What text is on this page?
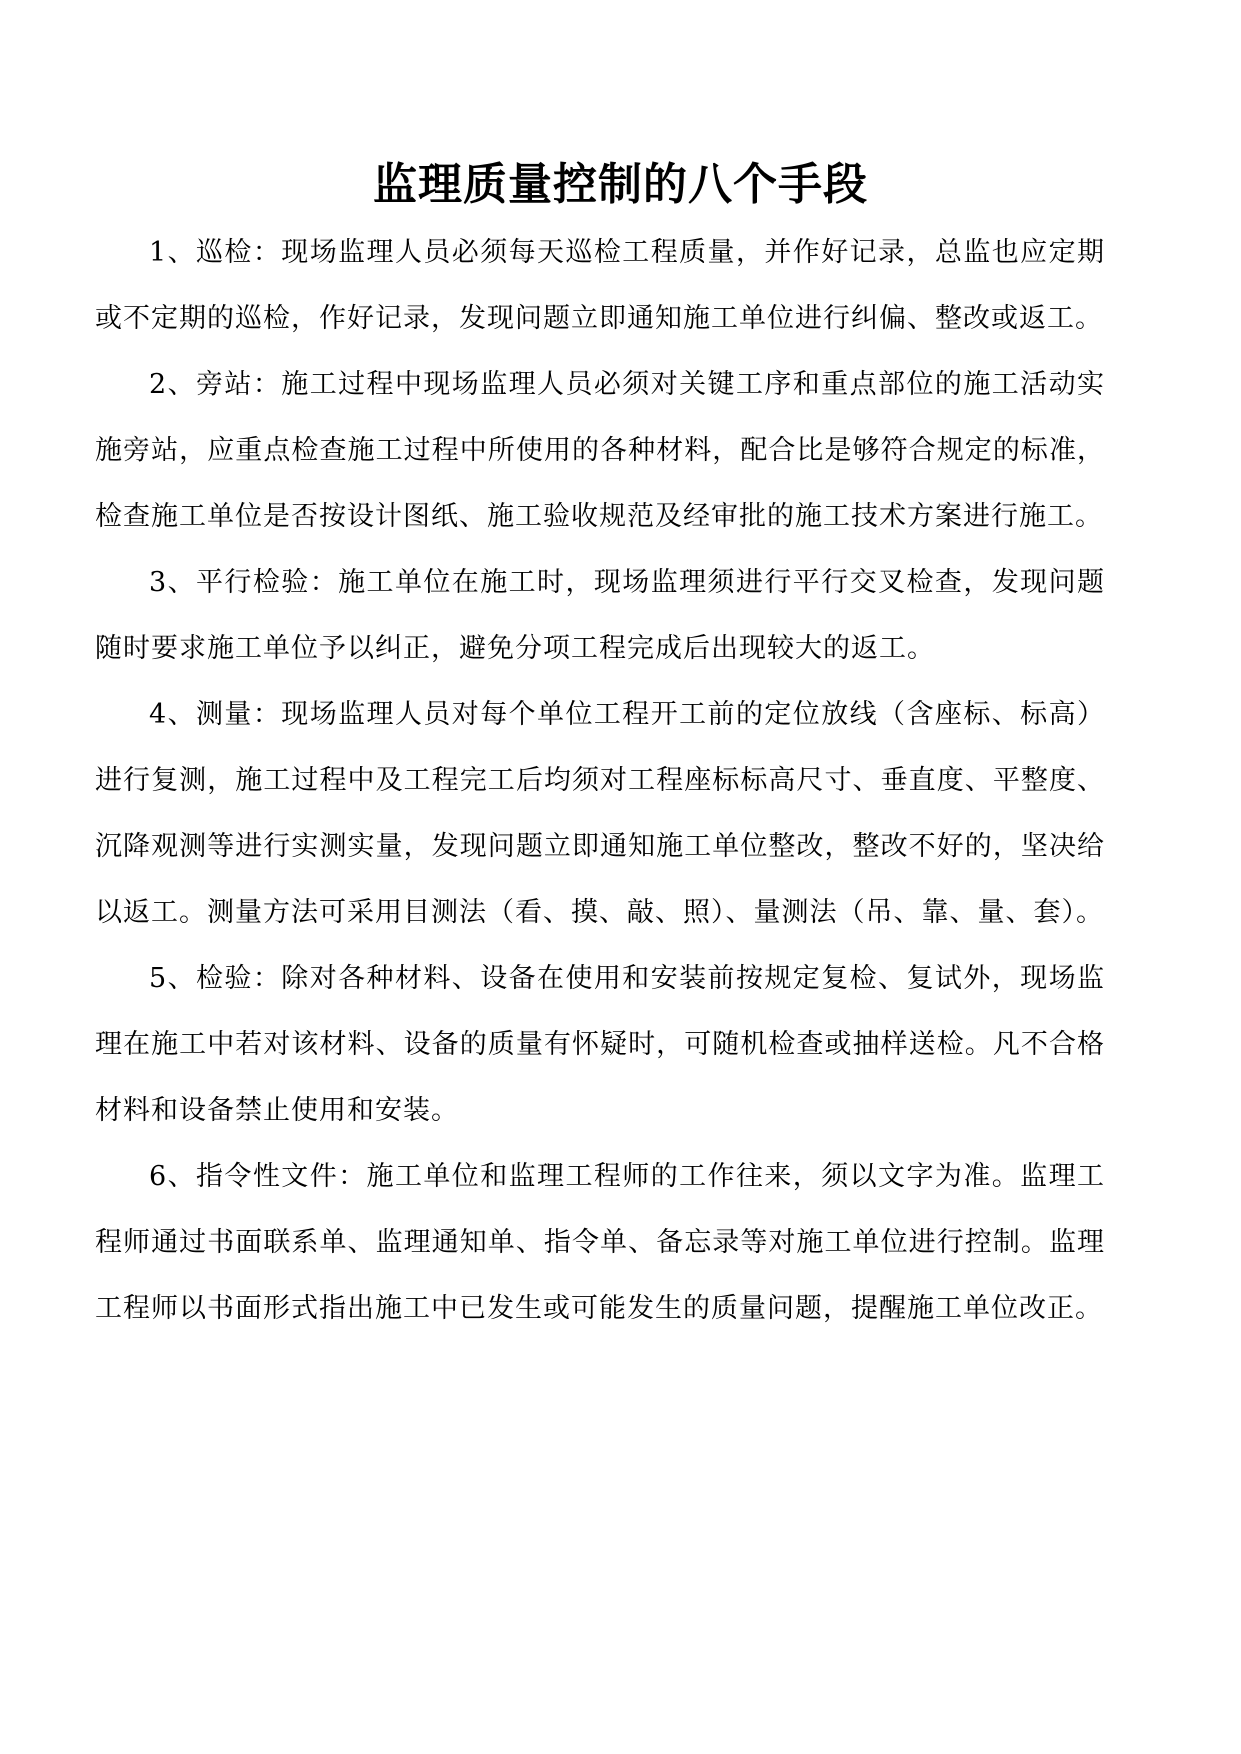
监理质量控制的八个手段

1、巡检：现场监理人员必须每天巡检工程质量，并作好记录，总监也应定期或不定期的巡检，作好记录，发现问题立即通知施工单位进行纠偏、整改或返工。

2、旁站：施工过程中现场监理人员必须对关键工序和重点部位的施工活动实施旁站，应重点检查施工过程中所使用的各种材料，配合比是够符合规定的标准，检查施工单位是否按设计图纸、施工验收规范及经审批的施工技术方案进行施工。

3、平行检验：施工单位在施工时，现场监理须进行平行交叉检查，发现问题随时要求施工单位予以纠正，避免分项工程完成后出现较大的返工。

4、测量：现场监理人员对每个单位工程开工前的定位放线（含座标、标高）进行复测，施工过程中及工程完工后均须对工程座标标高尺寸、垂直度、平整度、沉降观测等进行实测实量，发现问题立即通知施工单位整改，整改不好的，坚决给以返工。测量方法可采用目测法（看、摸、敲、照）、量测法（吊、靠、量、套）。

5、检验：除对各种材料、设备在使用和安装前按规定复检、复试外，现场监理在施工中若对该材料、设备的质量有怀疑时，可随机检查或抽样送检。凡不合格材料和设备禁止使用和安装。

6、指令性文件：施工单位和监理工程师的工作往来，须以文字为准。监理工程师通过书面联系单、监理通知单、指令单、备忘录等对施工单位进行控制。监理工程师以书面形式指出施工中已发生或可能发生的质量问题，提醒施工单位改正。
